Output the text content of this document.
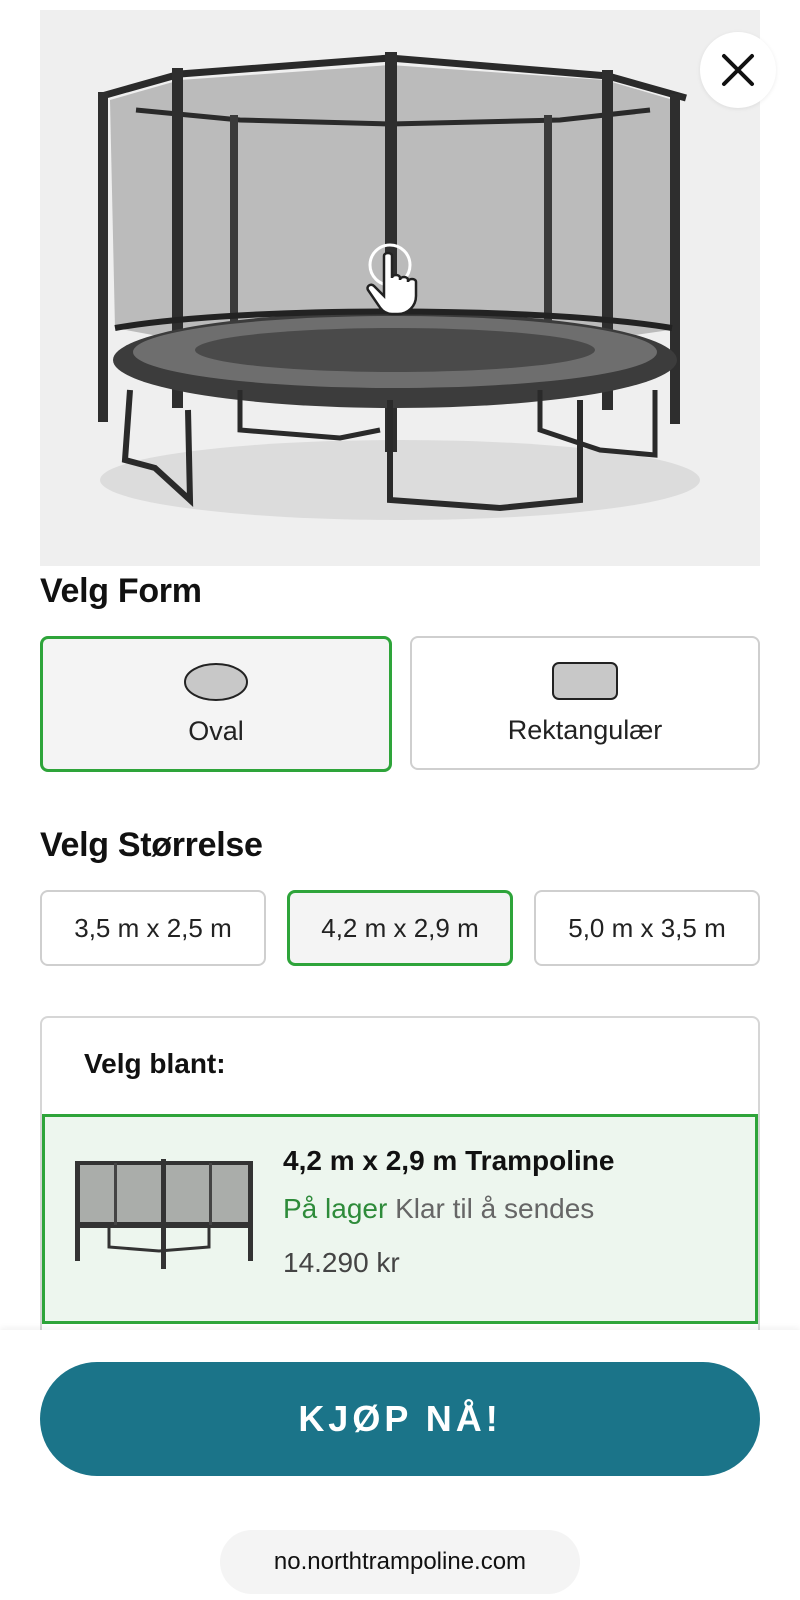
Velg Form
Oval	Rektangulær
Velg Størrelse
3,5 m x 2,5 m	4,2 m x 2,9 m	5,0 m x 3,5 m
Velg blant:
4,2 m x 2,9 m Trampoline
På lager Klar til å sendes
14.290 kr
KJØP NÅ!
no.northtrampoline.com
